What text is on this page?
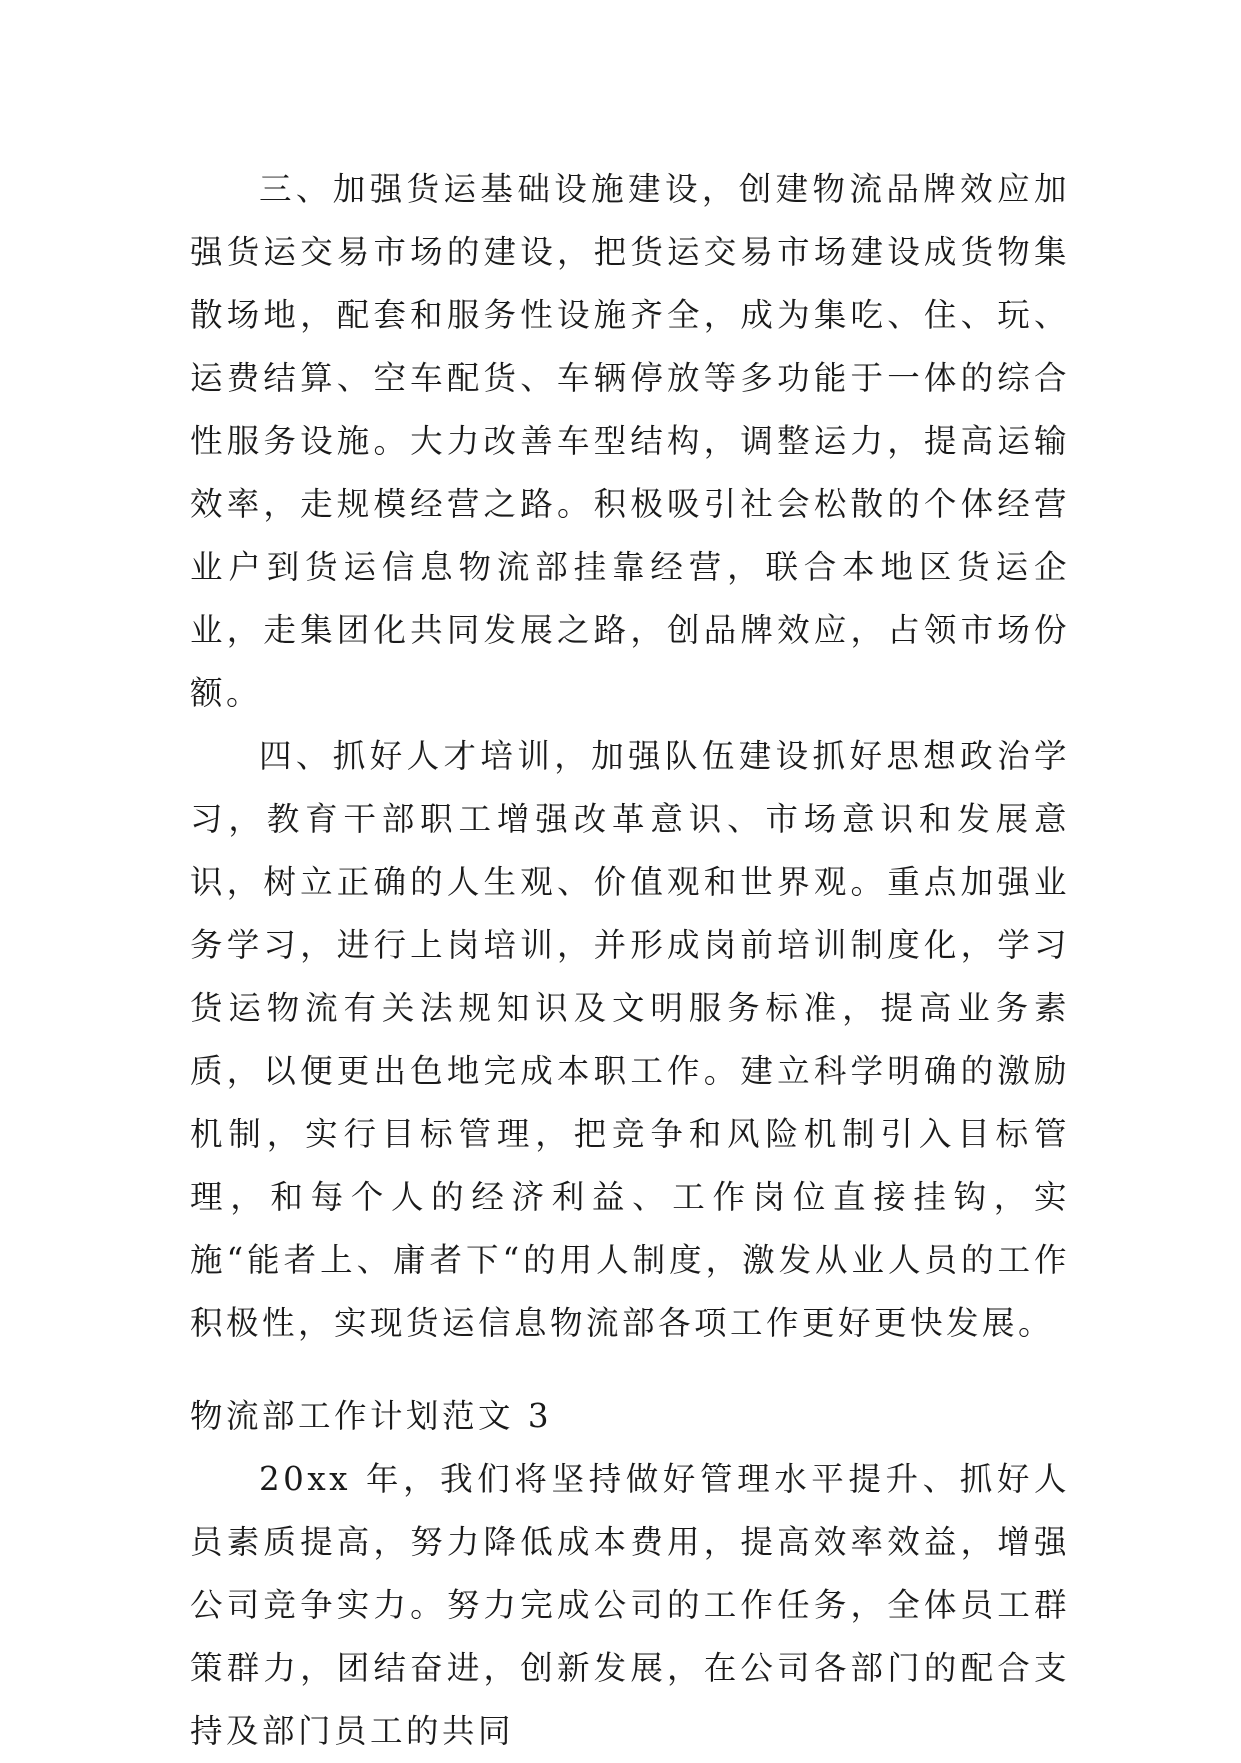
三、加强货运基础设施建设，创建物流品牌效应加强货运交易市场的建设，把货运交易市场建设成货物集散场地，配套和服务性设施齐全，成为集吃、住、玩、运费结算、空车配货、车辆停放等多功能于一体的综合性服务设施。大力改善车型结构，调整运力，提高运输效率，走规模经营之路。积极吸引社会松散的个体经营业户到货运信息物流部挂靠经营，联合本地区货运企业，走集团化共同发展之路，创品牌效应，占领市场份额。

四、抓好人才培训，加强队伍建设抓好思想政治学习，教育干部职工增强改革意识、市场意识和发展意识，树立正确的人生观、价值观和世界观。重点加强业务学习，进行上岗培训，并形成岗前培训制度化，学习货运物流有关法规知识及文明服务标准，提高业务素质，以便更出色地完成本职工作。建立科学明确的激励机制，实行目标管理，把竞争和风险机制引入目标管理，和每个人的经济利益、工作岗位直接挂钩，实施“能者上、庸者下“的用人制度，激发从业人员的工作积极性，实现货运信息物流部各项工作更好更快发展。

物流部工作计划范文 3

20xx 年，我们将坚持做好管理水平提升、抓好人员素质提高，努力降低成本费用，提高效率效益，增强公司竞争实力。努力完成公司的工作任务，全体员工群策群力，团结奋进，创新发展，在公司各部门的配合支持及部门员工的共同
